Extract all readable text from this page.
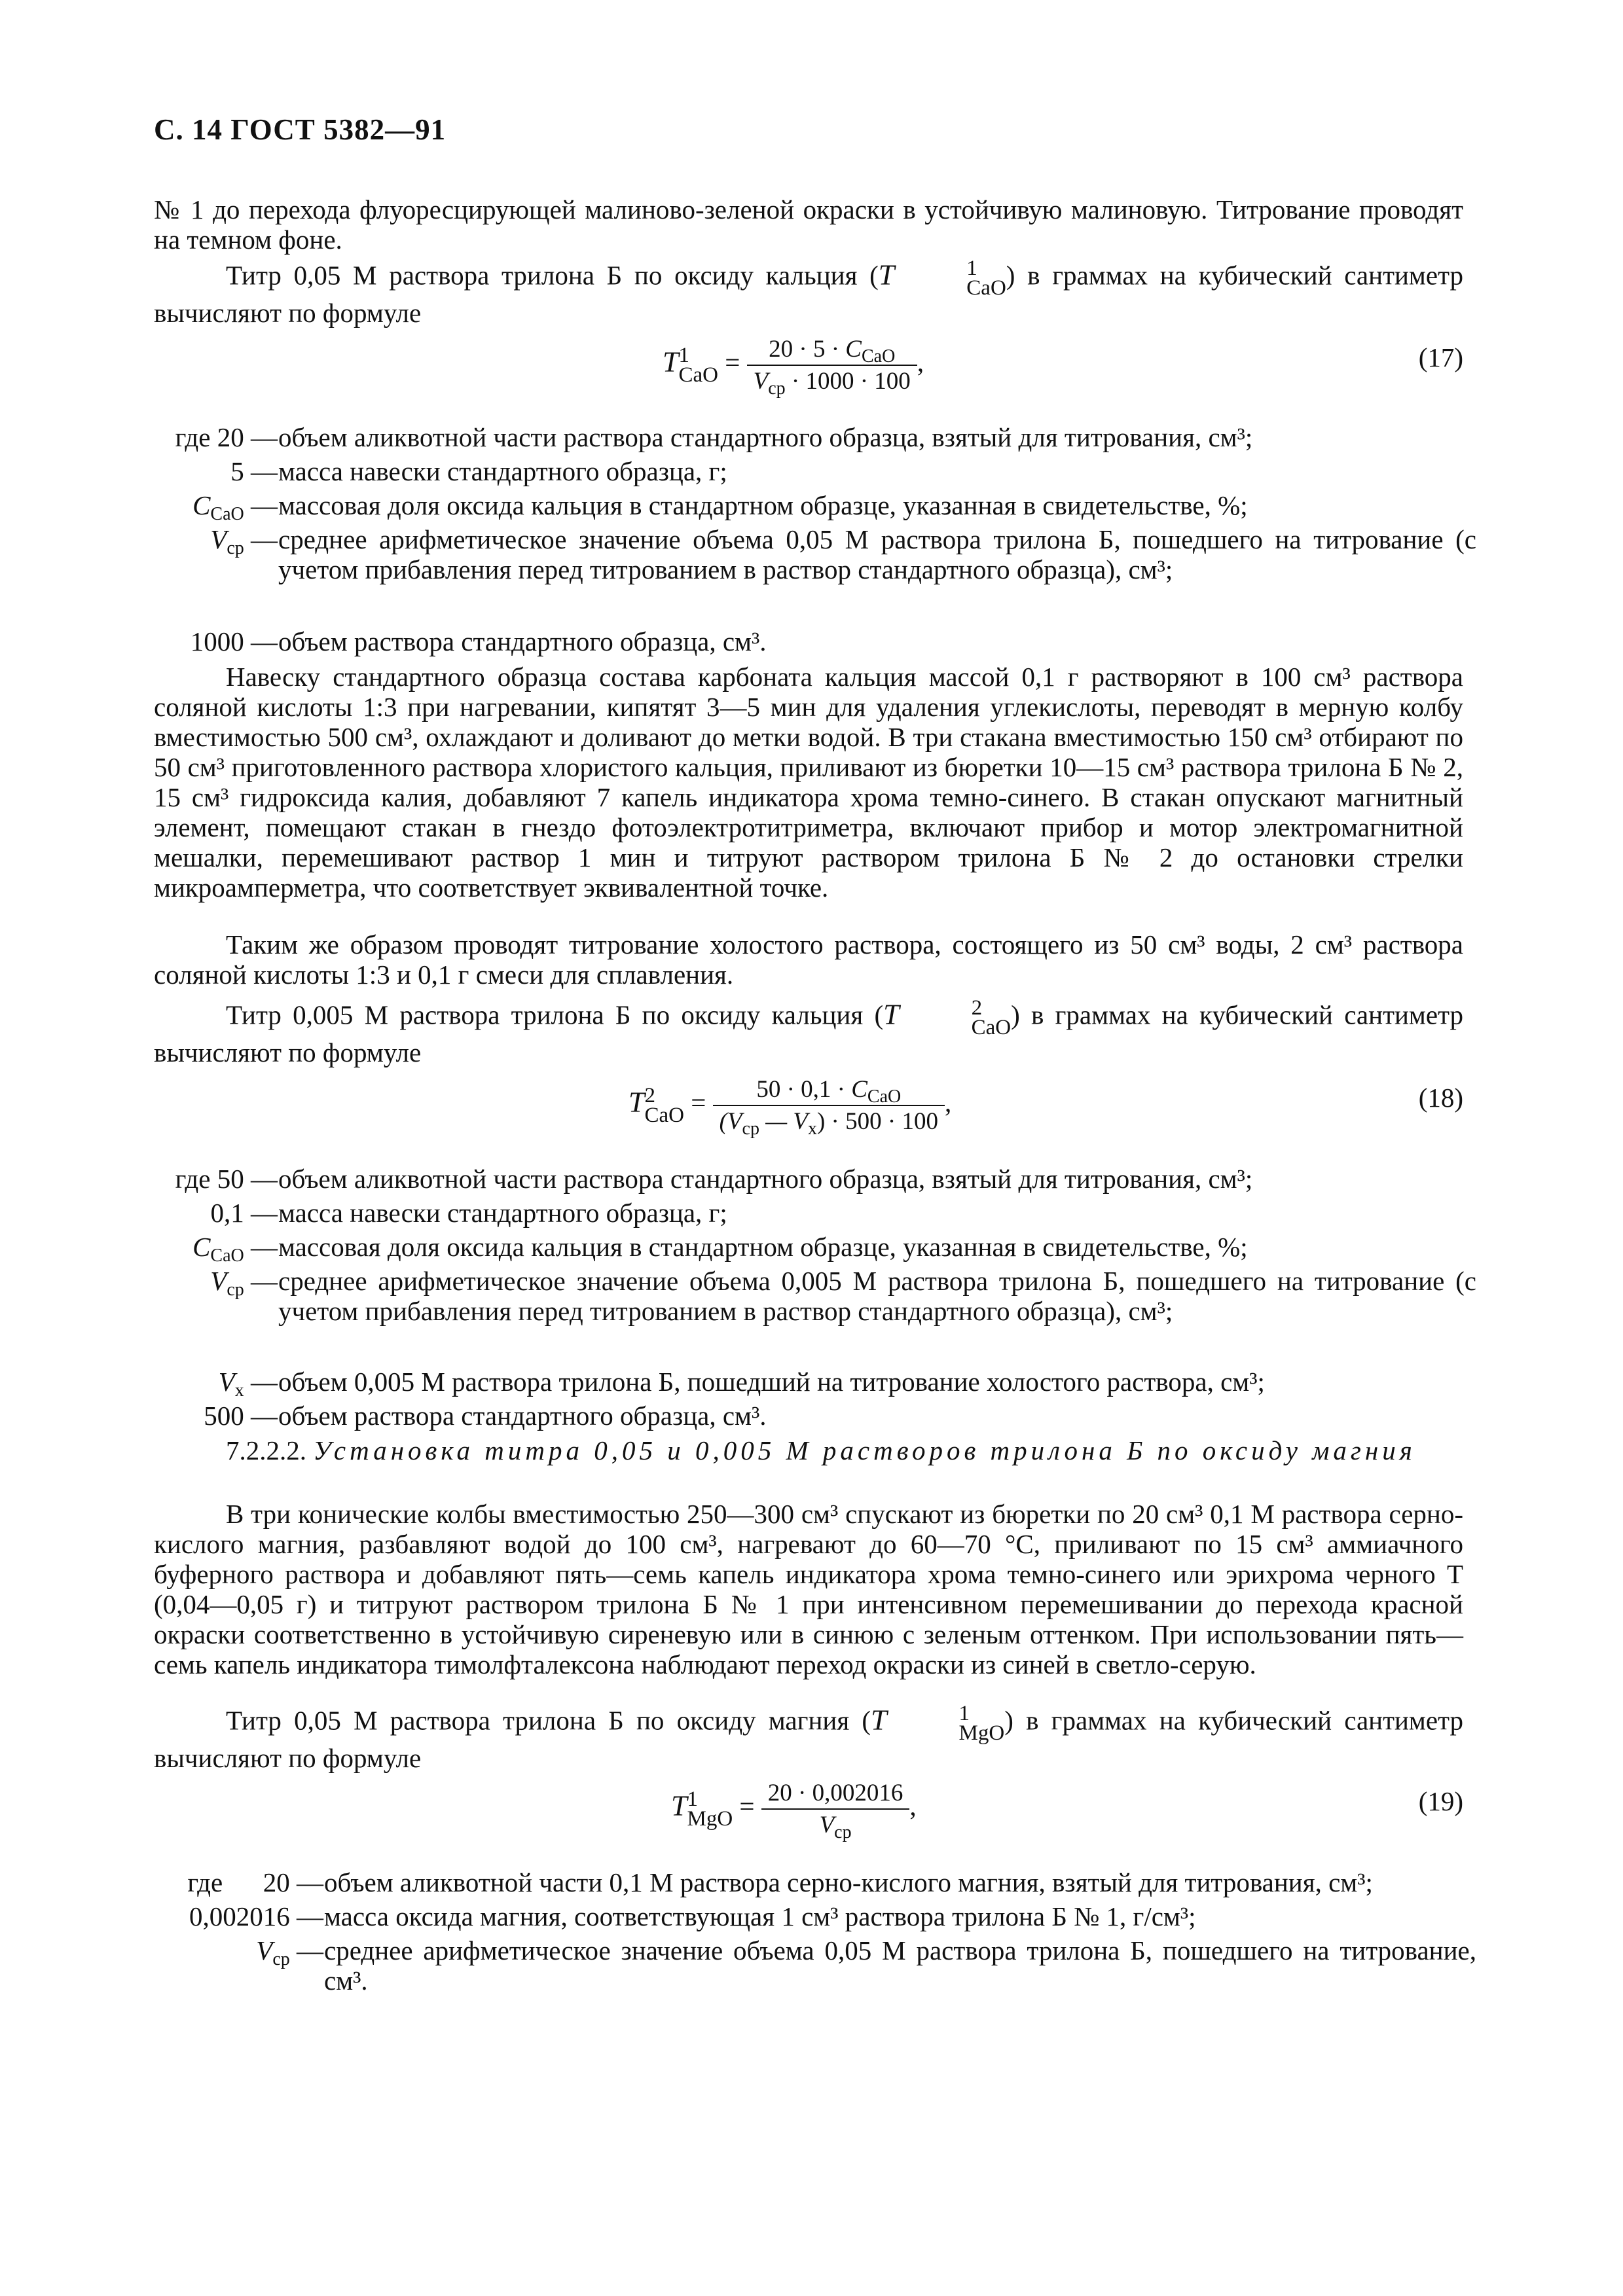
С. 14 ГОСТ 5382—91
№ 1 до перехода флуоресцирующей малиново-зеленой окраски в устойчивую малиновую. Титрование проводят на темном фоне.
Титр 0,05 М раствора трилона Б по оксиду кальция (T	1
CaO ) в граммах на кубический сантиметр вычисляют по формуле
T 1
CaO = $\frac{20 \cdot 5 \cdot C_{CaO}}{V_{ср} \cdot 1000 \cdot 100}$ ,	(17)
где 20 — объем аликвотной части раствора стандартного образца, взятый для титрования, см³;
5 — масса навески стандартного образца, г;
$C_{CaO}$ — массовая доля оксида кальция в стандартном образце, указанная в свидетельстве, %;
$V_{ср}$ — среднее арифметическое значение объема 0,05 М раствора трилона Б, пошедшего на титрование (с учетом прибавления перед титрованием в раствор стандартного образца), см³;
1000 — объем раствора стандартного образца, см³.
Навеску стандартного образца состава карбоната кальция массой 0,1 г растворяют в 100 см³ раствора соляной кислоты 1:3 при нагревании, кипятят 3—5 мин для удаления углекислоты, переводят в мерную колбу вместимостью 500 см³, охлаждают и доливают до метки водой. В три стакана вместимостью 150 см³ отбирают по 50 см³ приготовленного раствора хлористого кальция, приливают из бюретки 10—15 см³ раствора трилона Б № 2, 15 см³ гидроксида калия, добавляют 7 капель индикатора хрома темно-синего. В стакан опускают магнитный элемент, помещают стакан в гнездо фотоэлектротитриметра, включают прибор и мотор электромагнитной мешалки, перемешивают раствор 1 мин и титруют раствором трилона Б № 2 до остановки стрелки микроамперметра, что соответствует эквивалентной точке.
Таким же образом проводят титрование холостого раствора, состоящего из 50 см³ воды, 2 см³ раствора соляной кислоты 1:3 и 0,1 г смеси для сплавления.
Титр 0,005 М раствора трилона Б по оксиду кальция (T	2
CaO ) в граммах на кубический сантиметр вычисляют по формуле
T 2
CaO = $\frac{50 \cdot 0,1 \cdot C_{CaO}}{(V_{ср} — V_x) \cdot 500 \cdot 100}$ ,	(18)
где 50 — объем аликвотной части раствора стандартного образца, взятый для титрования, см³;
0,1 — масса навески стандартного образца, г;
$C_{CaO}$ — массовая доля оксида кальция в стандартном образце, указанная в свидетельстве, %;
$V_{ср}$ — среднее арифметическое значение объема 0,005 М раствора трилона Б, пошедшего на титрование (с учетом прибавления перед титрованием в раствор стандартного образца), см³;
$V_x$ — объем 0,005 М раствора трилона Б, пошедший на титрование холостого раствора, см³;
500 — объем раствора стандартного образца, см³.
7.2.2.2. Установка титра 0,05 и 0,005 М растворов трилона Б по оксиду магния
В три конические колбы вместимостью 250—300 см³ спускают из бюретки по 20 см³ 0,1 М раствора серно-кислого магния, разбавляют водой до 100 см³, нагревают до 60—70 °С, приливают по 15 см³ аммиачного буферного раствора и добавляют пять—семь капель индикатора хрома темно-синего или эрихрома черного Т (0,04—0,05 г) и титруют раствором трилона Б № 1 при интенсивном перемешивании до перехода красной окраски соответственно в устойчивую сиреневую или в синюю с зеленым оттенком. При использовании пять—семь капель индикатора тимолфталексона наблюдают переход окраски из синей в светло-серую.
Титр 0,05 М раствора трилона Б по оксиду магния (T	1
MgO ) в граммах на кубический сантиметр вычисляют по формуле
T 1
MgO = $\frac{20 \cdot 0,002016}{V_{ср}}$ ,	(19)
где      20 — объем аликвотной части 0,1 М раствора серно-кислого магния, взятый для титрования, см³;
0,002016 — масса оксида магния, соответствующая 1 см³ раствора трилона Б № 1, г/см³;
$V_{ср}$ — среднее арифметическое значение объема 0,05 М раствора трилона Б, пошедшего на титрование, см³.
